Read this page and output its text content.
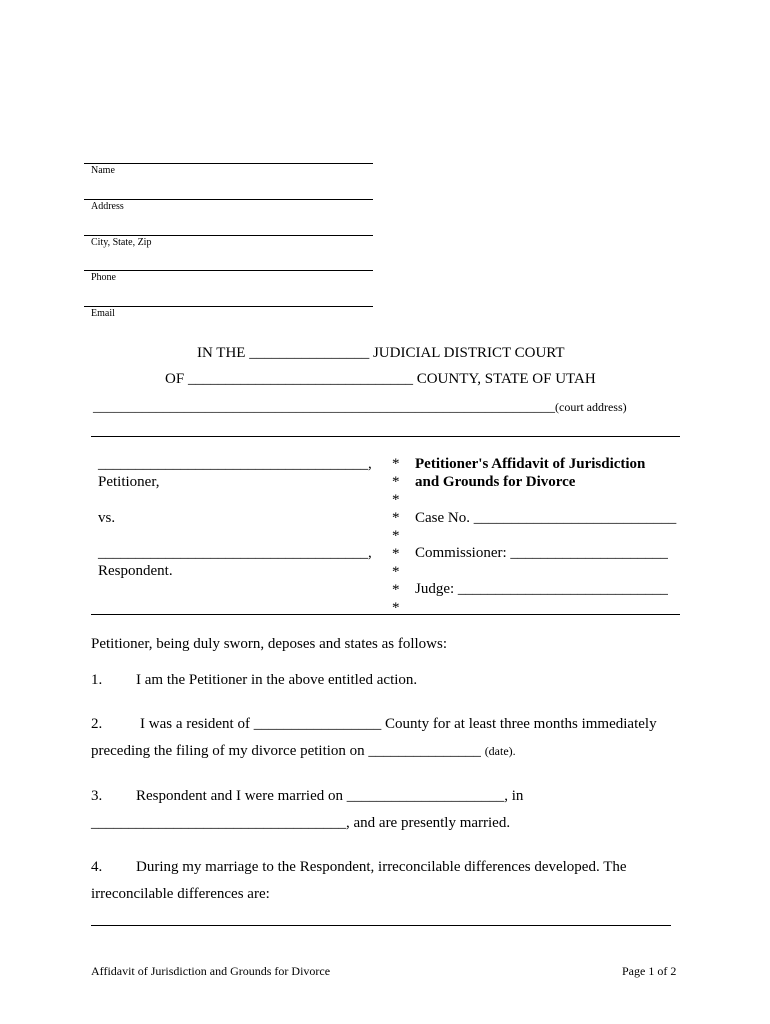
Name
Address
City, State, Zip
Phone
Email
IN THE ________________ JUDICIAL DISTRICT COURT
OF ______________________________ COUNTY, STATE OF UTAH
__________________________________________________________________(court address)
____________________________________,
Petitioner,
vs.
____________________________________,
Respondent.
*
*
*
*
*
*
*
*
*
Petitioner's Affidavit of Jurisdiction
and Grounds for Divorce
Case No. ___________________________
Commissioner: _____________________
Judge: ____________________________
Petitioner, being duly sworn, deposes and states as follows:
1. I am the Petitioner in the above entitled action.
2.	I was a resident of _________________ County for at least three months immediately
preceding the filing of my divorce petition on _______________ (date).
3. Respondent and I were married on _____________________, in
__________________________________, and are presently married.
4. During my marriage to the Respondent, irreconcilable differences developed. The
irreconcilable differences are:
Affidavit of Jurisdiction and Grounds for Divorce	Page 1 of 2
